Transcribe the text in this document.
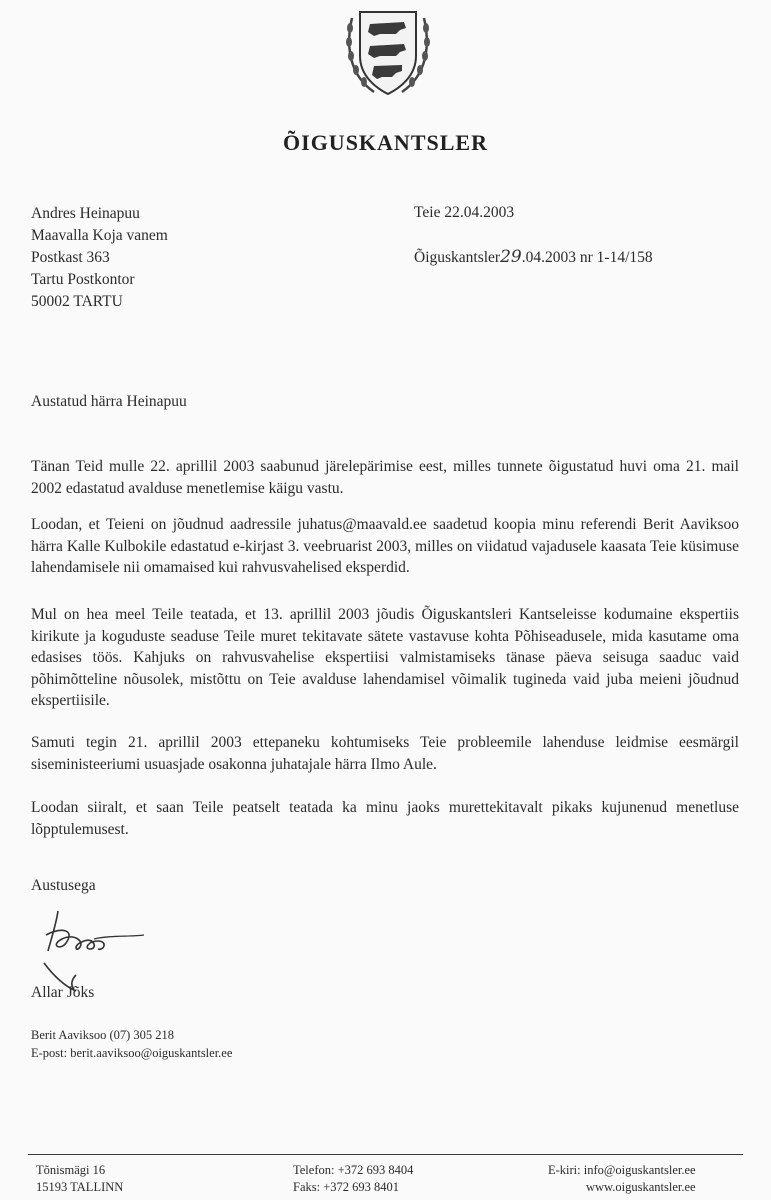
ÕIGUSKANTSLER
Andres Heinapuu
Maavalla Koja vanem
Postkast 363
Tartu Postkontor
50002 TARTU
Teie 22.04.2003
Õiguskantsler29.04.2003 nr 1-14/158
Austatud härra Heinapuu
Tänan Teid mulle 22. aprillil 2003 saabunud järelepärimise eest, milles tunnete õigustatud huvi oma 21. mail 2002 edastatud avalduse menetlemise käigu vastu.
Loodan, et Teieni on jõudnud aadressile juhatus@maavald.ee saadetud koopia minu referendi Berit Aaviksoo härra Kalle Kulbokile edastatud e-kirjast 3. veebruarist 2003, milles on viidatud vajadusele kaasata Teie küsimuse lahendamisele nii omamaised kui rahvusvahelised eksperdid.
Mul on hea meel Teile teatada, et 13. aprillil 2003 jõudis Õiguskantsleri Kantseleisse kodumaine ekspertiis kirikute ja koguduste seaduse Teile muret tekitavate sätete vastavuse kohta Põhiseadusele, mida kasutame oma edasises töös. Kahjuks on rahvusvahelise ekspertiisi valmistamiseks tänase päeva seisuga saaduc vaid põhimõtteline nõusolek, mistõttu on Teie avalduse lahendamisel võimalik tugineda vaid juba meieni jõudnud ekspertiisile.
Samuti tegin 21. aprillil 2003 ettepaneku kohtumiseks Teie probleemile lahenduse leidmise eesmärgil siseministeeriumi usuasjade osakonna juhatajale härra Ilmo Aule.
Loodan siiralt, et saan Teile peatselt teatada ka minu jaoks murettekitavalt pikaks kujunenud menetluse lõpptulemusest.
Austusega
Allar Jõks
Berit Aaviksoo (07) 305 218
E-post: berit.aaviksoo@oiguskantsler.ee
Tõnismägi 16
15193 TALLINN
Telefon: +372 693 8404
Faks: +372 693 8401
E-kiri: info@oiguskantsler.ee
www.oiguskantsler.ee
